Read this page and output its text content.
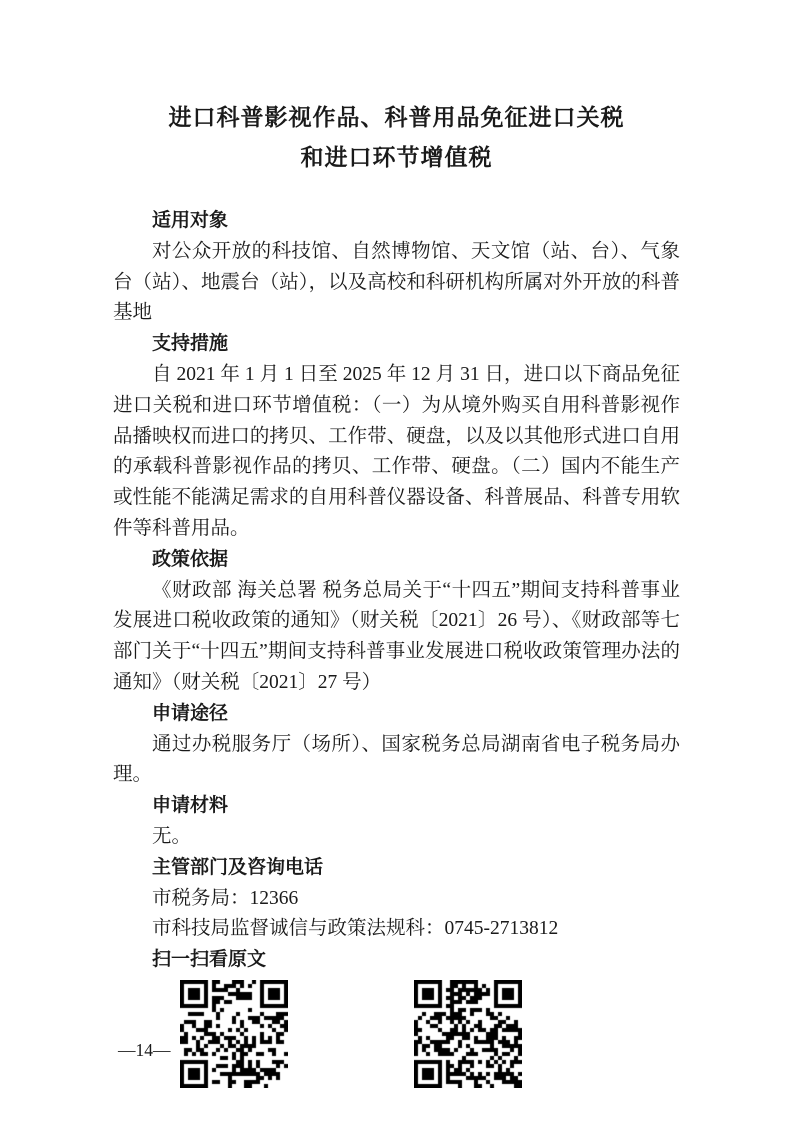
进口科普影视作品、科普用品免征进口关税
和进口环节增值税
适用对象

对公众开放的科技馆、自然博物馆、天文馆（站、台）、气象台（站）、地震台（站），以及高校和科研机构所属对外开放的科普基地

支持措施

自 2021 年 1 月 1 日至 2025 年 12 月 31 日，进口以下商品免征进口关税和进口环节增值税：（一）为从境外购买自用科普影视作品播映权而进口的拷贝、工作带、硬盘，以及以其他形式进口自用的承载科普影视作品的拷贝、工作带、硬盘。（二）国内不能生产或性能不能满足需求的自用科普仪器设备、科普展品、科普专用软件等科普用品。

政策依据

《财政部 海关总署 税务总局关于“十四五”期间支持科普事业发展进口税收政策的通知》（财关税〔2021〕26 号）、《财政部等七部门关于“十四五”期间支持科普事业发展进口税收政策管理办法的通知》（财关税〔2021〕27 号）

申请途径

通过办税服务厅（场所）、国家税务总局湖南省电子税务局办理。

申请材料

无。

主管部门及咨询电话

市税务局：12366

市科技局监督诚信与政策法规科：0745-2713812

扫一扫看原文
—14—
